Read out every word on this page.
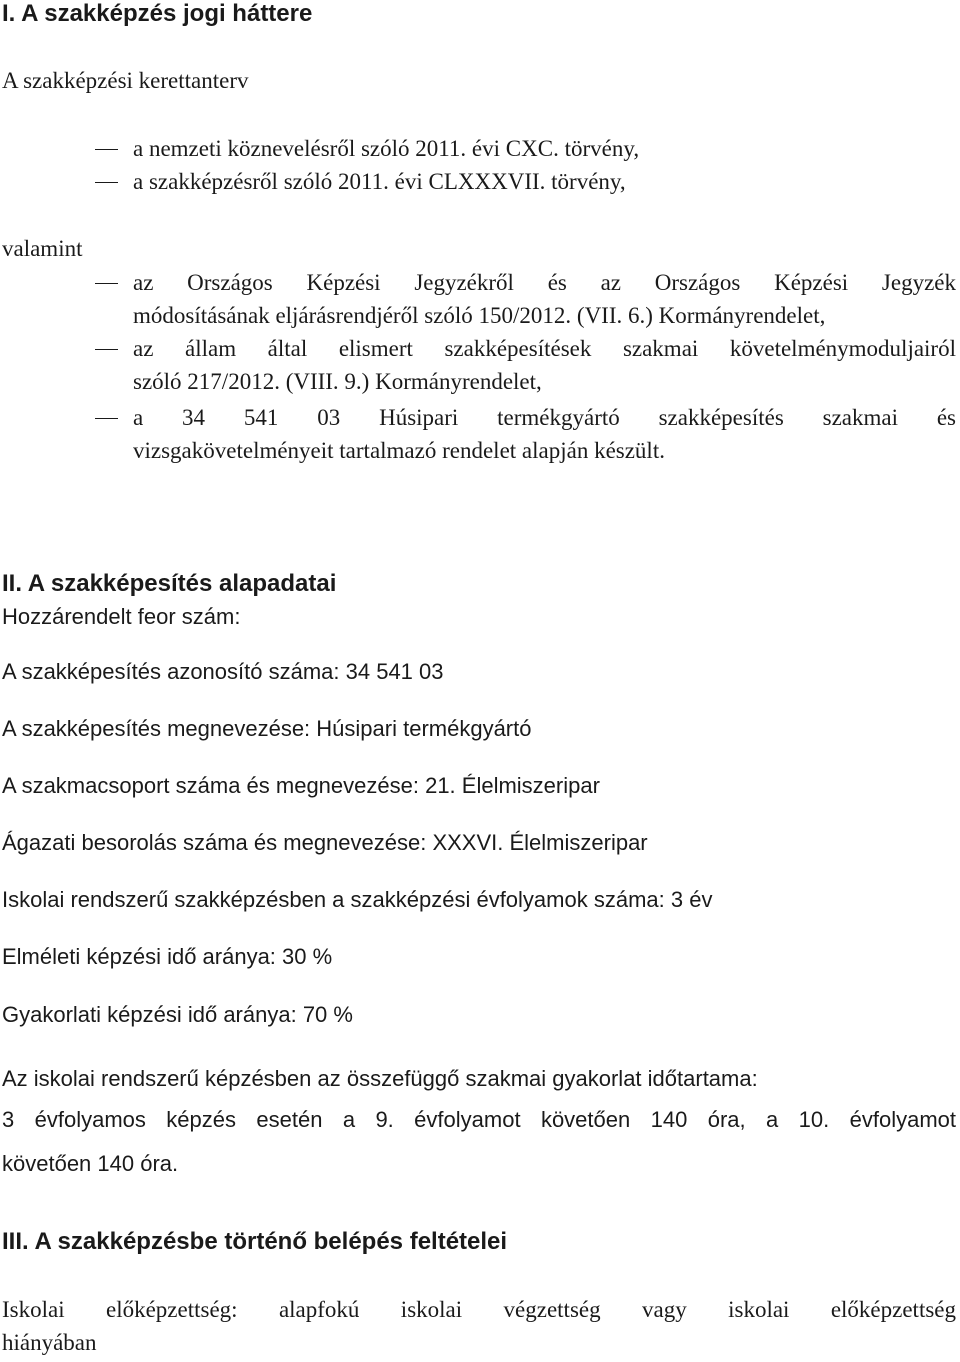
I. A szakképzés jogi háttere
A szakképzési kerettanterv
a nemzeti köznevelésről szóló 2011. évi CXC. törvény,
a szakképzésről szóló 2011. évi CLXXXVII. törvény,
valamint
az Országos Képzési Jegyzékről és az Országos Képzési Jegyzék
módosításának eljárásrendjéről szóló 150/2012. (VII. 6.) Kormányrendelet,
az állam által elismert szakképesítések szakmai követelménymoduljairól
szóló 217/2012. (VIII. 9.) Kormányrendelet,
a 34 541 03 Húsipari termékgyártó szakképesítés szakmai és
vizsgakövetelményeit tartalmazó rendelet alapján készült.
II. A szakképesítés alapadatai
Hozzárendelt feor szám:
A szakképesítés azonosító száma: 34 541 03
A szakképesítés megnevezése: Húsipari termékgyártó
A szakmacsoport száma és megnevezése: 21. Élelmiszeripar
Ágazati besorolás száma és megnevezése: XXXVI. Élelmiszeripar
Iskolai rendszerű szakképzésben a szakképzési évfolyamok száma: 3 év
Elméleti képzési idő aránya: 30 %
Gyakorlati képzési idő aránya: 70 %
Az iskolai rendszerű képzésben az összefüggő szakmai gyakorlat időtartama:
3 évfolyamos képzés esetén a 9. évfolyamot követően 140 óra, a 10. évfolyamot
követően 140 óra.
III. A szakképzésbe történő belépés feltételei
Iskolai előképzettség: alapfokú iskolai végzettség vagy iskolai előképzettség
hiányában
